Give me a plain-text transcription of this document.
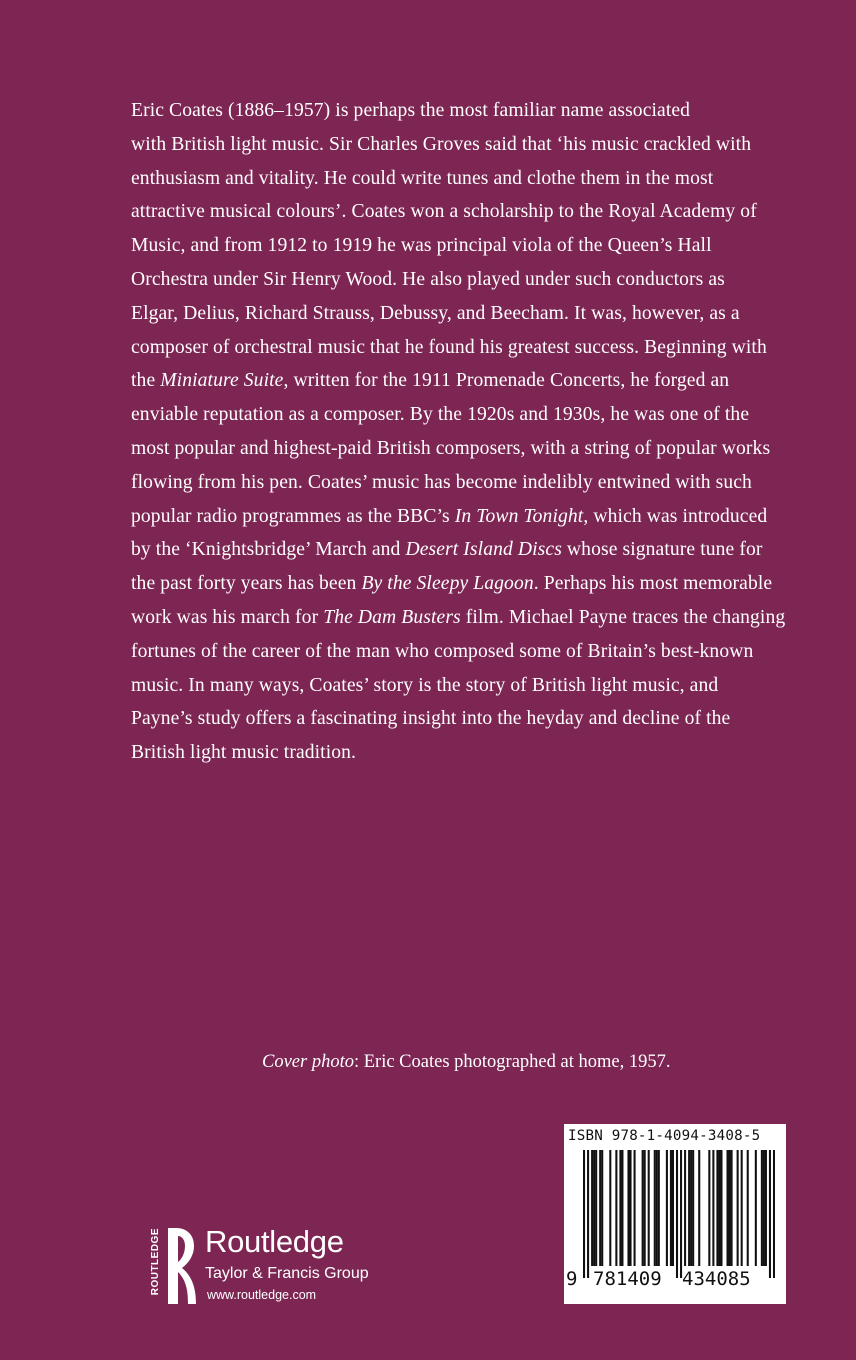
Eric Coates (1886–1957) is perhaps the most familiar name associated
with British light music. Sir Charles Groves said that ‘his music crackled with
enthusiasm and vitality. He could write tunes and clothe them in the most
attractive musical colours’. Coates won a scholarship to the Royal Academy of
Music, and from 1912 to 1919 he was principal viola of the Queen’s Hall
Orchestra under Sir Henry Wood. He also played under such conductors as
Elgar, Delius, Richard Strauss, Debussy, and Beecham. It was, however, as a
composer of orchestral music that he found his greatest success. Beginning with
the Miniature Suite, written for the 1911 Promenade Concerts, he forged an
enviable reputation as a composer. By the 1920s and 1930s, he was one of the
most popular and highest-paid British composers, with a string of popular works
flowing from his pen. Coates’ music has become indelibly entwined with such
popular radio programmes as the BBC’s In Town Tonight, which was introduced
by the ‘Knightsbridge’ March and Desert Island Discs whose signature tune for
the past forty years has been By the Sleepy Lagoon. Perhaps his most memorable
work was his march for The Dam Busters film. Michael Payne traces the changing
fortunes of the career of the man who composed some of Britain’s best-known
music. In many ways, Coates’ story is the story of British light music, and
Payne’s study offers a fascinating insight into the heyday and decline of the
British light music tradition.

Cover photo: Eric Coates photographed at home, 1957.
ROUTLEDGE Routledge
Taylor & Francis Group
www.routledge.com
ISBN 978-1-4094-3408-5
9 781409 434085
